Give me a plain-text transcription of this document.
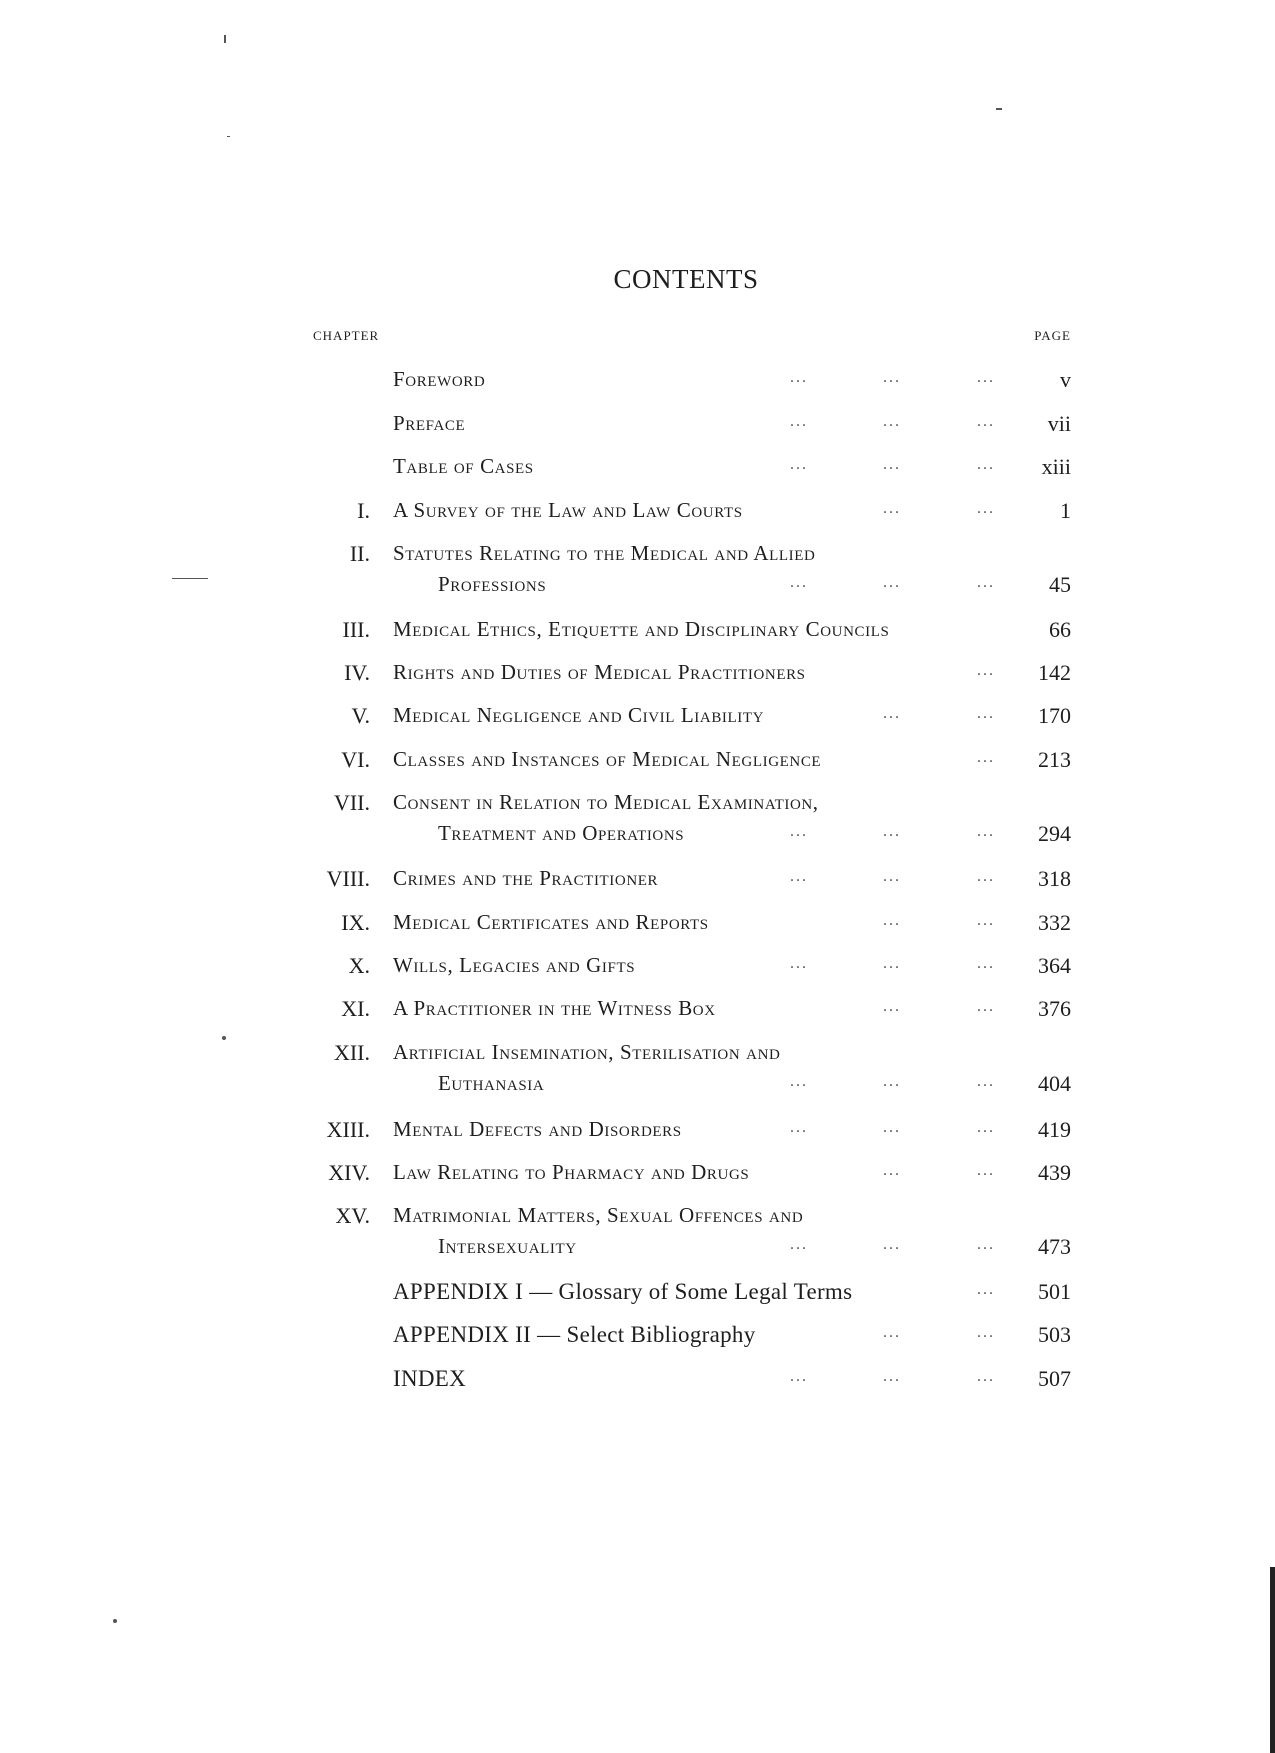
CONTENTS
CHAPTER	PAGE
Foreword	...	...	...	v
Preface	...	...	... vii
Table of Cases	...	...	... xiii
I. A Survey of the Law and Law Courts	...	...	1
II. Statutes Relating to the Medical and Allied
Professions	...	...	... 45
III. Medical Ethics, Etiquette and Disciplinary Councils	66
IV. Rights and Duties of Medical Practitioners	... 142
V. Medical Negligence and Civil Liability	...	... 170
VI. Classes and Instances of Medical Negligence	... 213
VII. Consent in Relation to Medical Examination,
Treatment and Operations	...	...	... 294
VIII. Crimes and the Practitioner	...	...	... 318
IX. Medical Certificates and Reports	...	... 332
X. Wills, Legacies and Gifts	...	...	... 364
XI. A Practitioner in the Witness Box	...	... 376
XII. Artificial Insemination, Sterilisation and
Euthanasia	...	...	... 404
XIII. Mental Defects and Disorders	...	...	... 419
XIV. Law Relating to Pharmacy and Drugs	...	... 439
XV. Matrimonial Matters, Sexual Offences and
Intersexuality	...	...	... 473
APPENDIX I — Glossary of Some Legal Terms	... 501
APPENDIX II — Select Bibliography	...	... 503
INDEX	...	...	... 507
